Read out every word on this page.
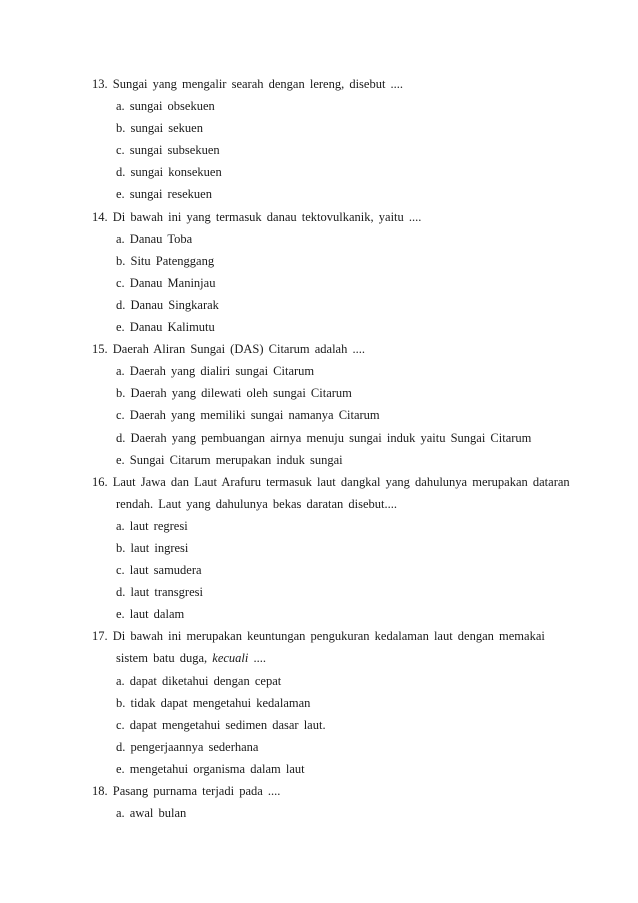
13. Sungai yang mengalir searah dengan lereng, disebut ....
a. sungai obsekuen
b. sungai sekuen
c. sungai subsekuen
d. sungai konsekuen
e. sungai resekuen
14. Di bawah ini yang termasuk danau tektovulkanik, yaitu ....
a. Danau Toba
b. Situ Patenggang
c. Danau Maninjau
d. Danau Singkarak
e. Danau Kalimutu
15. Daerah Aliran Sungai (DAS) Citarum adalah ....
a. Daerah yang dialiri sungai Citarum
b. Daerah yang dilewati oleh sungai Citarum
c. Daerah yang memiliki sungai namanya Citarum
d. Daerah yang pembuangan airnya menuju sungai induk yaitu Sungai Citarum
e. Sungai Citarum merupakan induk sungai
16. Laut Jawa dan Laut Arafuru termasuk laut dangkal yang dahulunya merupakan dataran
rendah. Laut yang dahulunya bekas daratan disebut....
a. laut regresi
b. laut ingresi
c. laut samudera
d. laut transgresi
e. laut dalam
17. Di bawah ini merupakan keuntungan pengukuran kedalaman laut dengan memakai
sistem batu duga, kecuali ....
a. dapat diketahui dengan cepat
b. tidak dapat mengetahui kedalaman
c. dapat mengetahui sedimen dasar laut.
d. pengerjaannya sederhana
e. mengetahui organisma dalam laut
18. Pasang purnama terjadi pada ....
a. awal bulan
